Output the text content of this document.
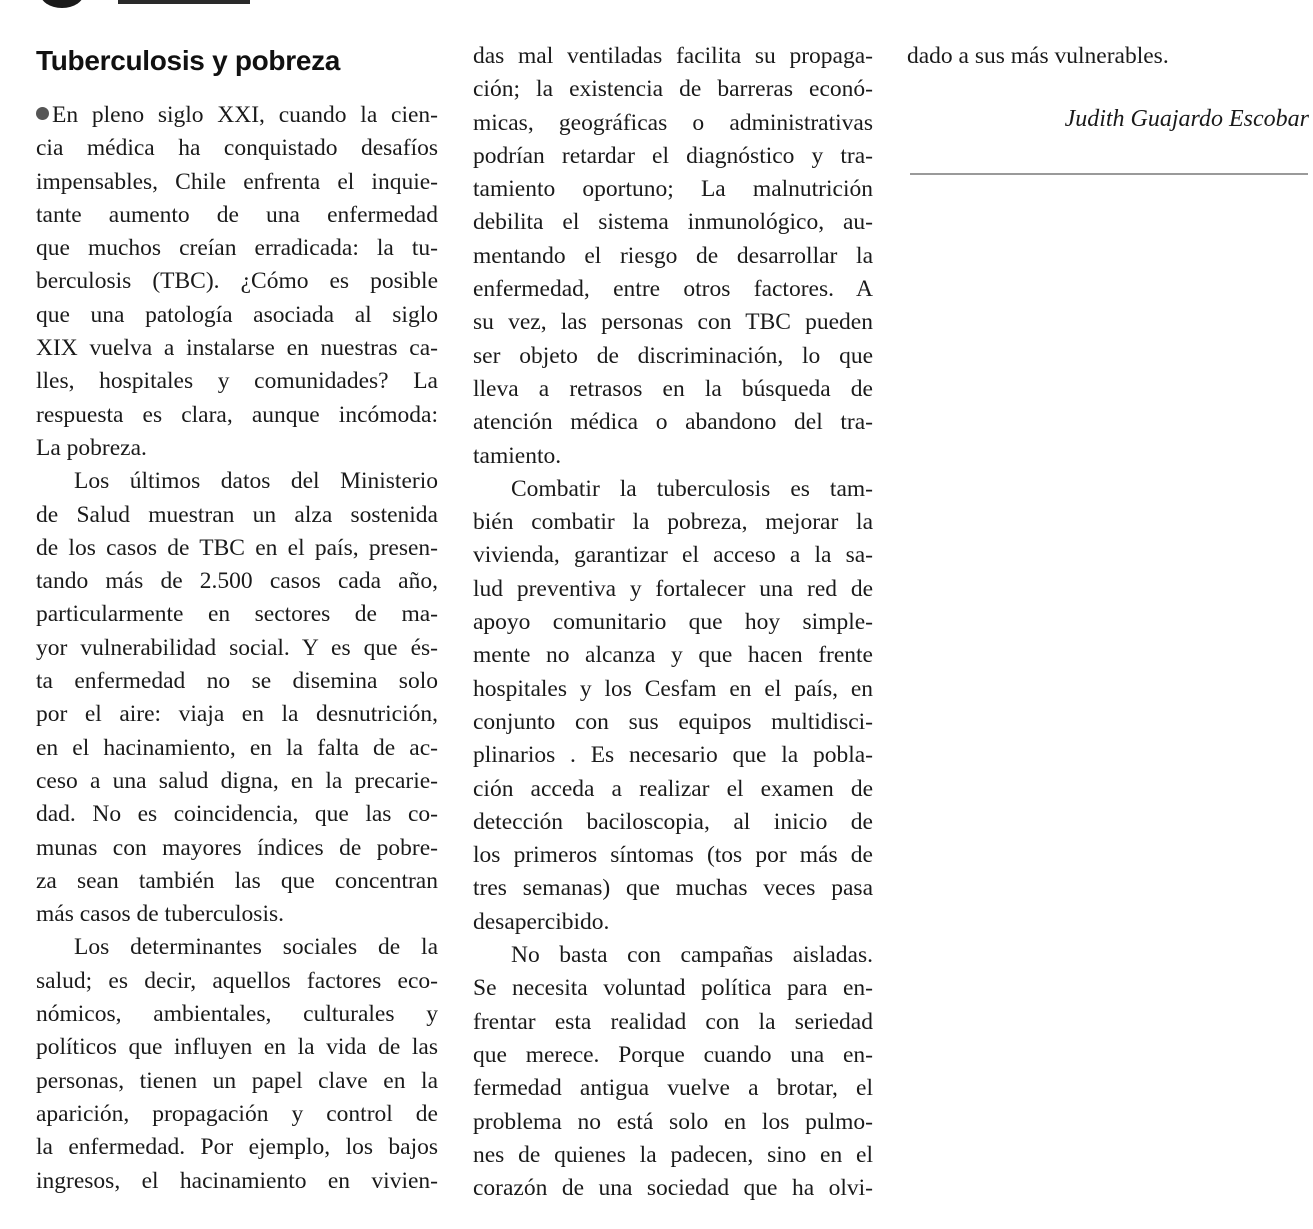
Tuberculosis y pobreza
En pleno siglo XXI, cuando la cien-
cia médica ha conquistado desafíos
impensables, Chile enfrenta el inquie-
tante aumento de una enfermedad
que muchos creían erradicada: la tu-
berculosis (TBC). ¿Cómo es posible
que una patología asociada al siglo
XIX vuelva a instalarse en nuestras ca-
lles, hospitales y comunidades? La
respuesta es clara, aunque incómoda:
La pobreza.
Los últimos datos del Ministerio
de Salud muestran un alza sostenida
de los casos de TBC en el país, presen-
tando más de 2.500 casos cada año,
particularmente en sectores de ma-
yor vulnerabilidad social. Y es que és-
ta enfermedad no se disemina solo
por el aire: viaja en la desnutrición,
en el hacinamiento, en la falta de ac-
ceso a una salud digna, en la precarie-
dad. No es coincidencia, que las co-
munas con mayores índices de pobre-
za sean también las que concentran
más casos de tuberculosis.
Los determinantes sociales de la
salud; es decir, aquellos factores eco-
nómicos, ambientales, culturales y
políticos que influyen en la vida de las
personas, tienen un papel clave en la
aparición, propagación y control de
la enfermedad. Por ejemplo, los bajos
ingresos, el hacinamiento en vivien-
das mal ventiladas facilita su propaga-
ción; la existencia de barreras econó-
micas, geográficas o administrativas
podrían retardar el diagnóstico y tra-
tamiento oportuno; La malnutrición
debilita el sistema inmunológico, au-
mentando el riesgo de desarrollar la
enfermedad, entre otros factores. A
su vez, las personas con TBC pueden
ser objeto de discriminación, lo que
lleva a retrasos en la búsqueda de
atención médica o abandono del tra-
tamiento.
Combatir la tuberculosis es tam-
bién combatir la pobreza, mejorar la
vivienda, garantizar el acceso a la sa-
lud preventiva y fortalecer una red de
apoyo comunitario que hoy simple-
mente no alcanza y que hacen frente
hospitales y los Cesfam en el país, en
conjunto con sus equipos multidisci-
plinarios . Es necesario que la pobla-
ción acceda a realizar el examen de
detección baciloscopia, al inicio de
los primeros síntomas (tos por más de
tres semanas) que muchas veces pasa
desapercibido.
No basta con campañas aisladas.
Se necesita voluntad política para en-
frentar esta realidad con la seriedad
que merece. Porque cuando una en-
fermedad antigua vuelve a brotar, el
problema no está solo en los pulmo-
nes de quienes la padecen, sino en el
corazón de una sociedad que ha olvi-
dado a sus más vulnerables.
Judith Guajardo Escobar
